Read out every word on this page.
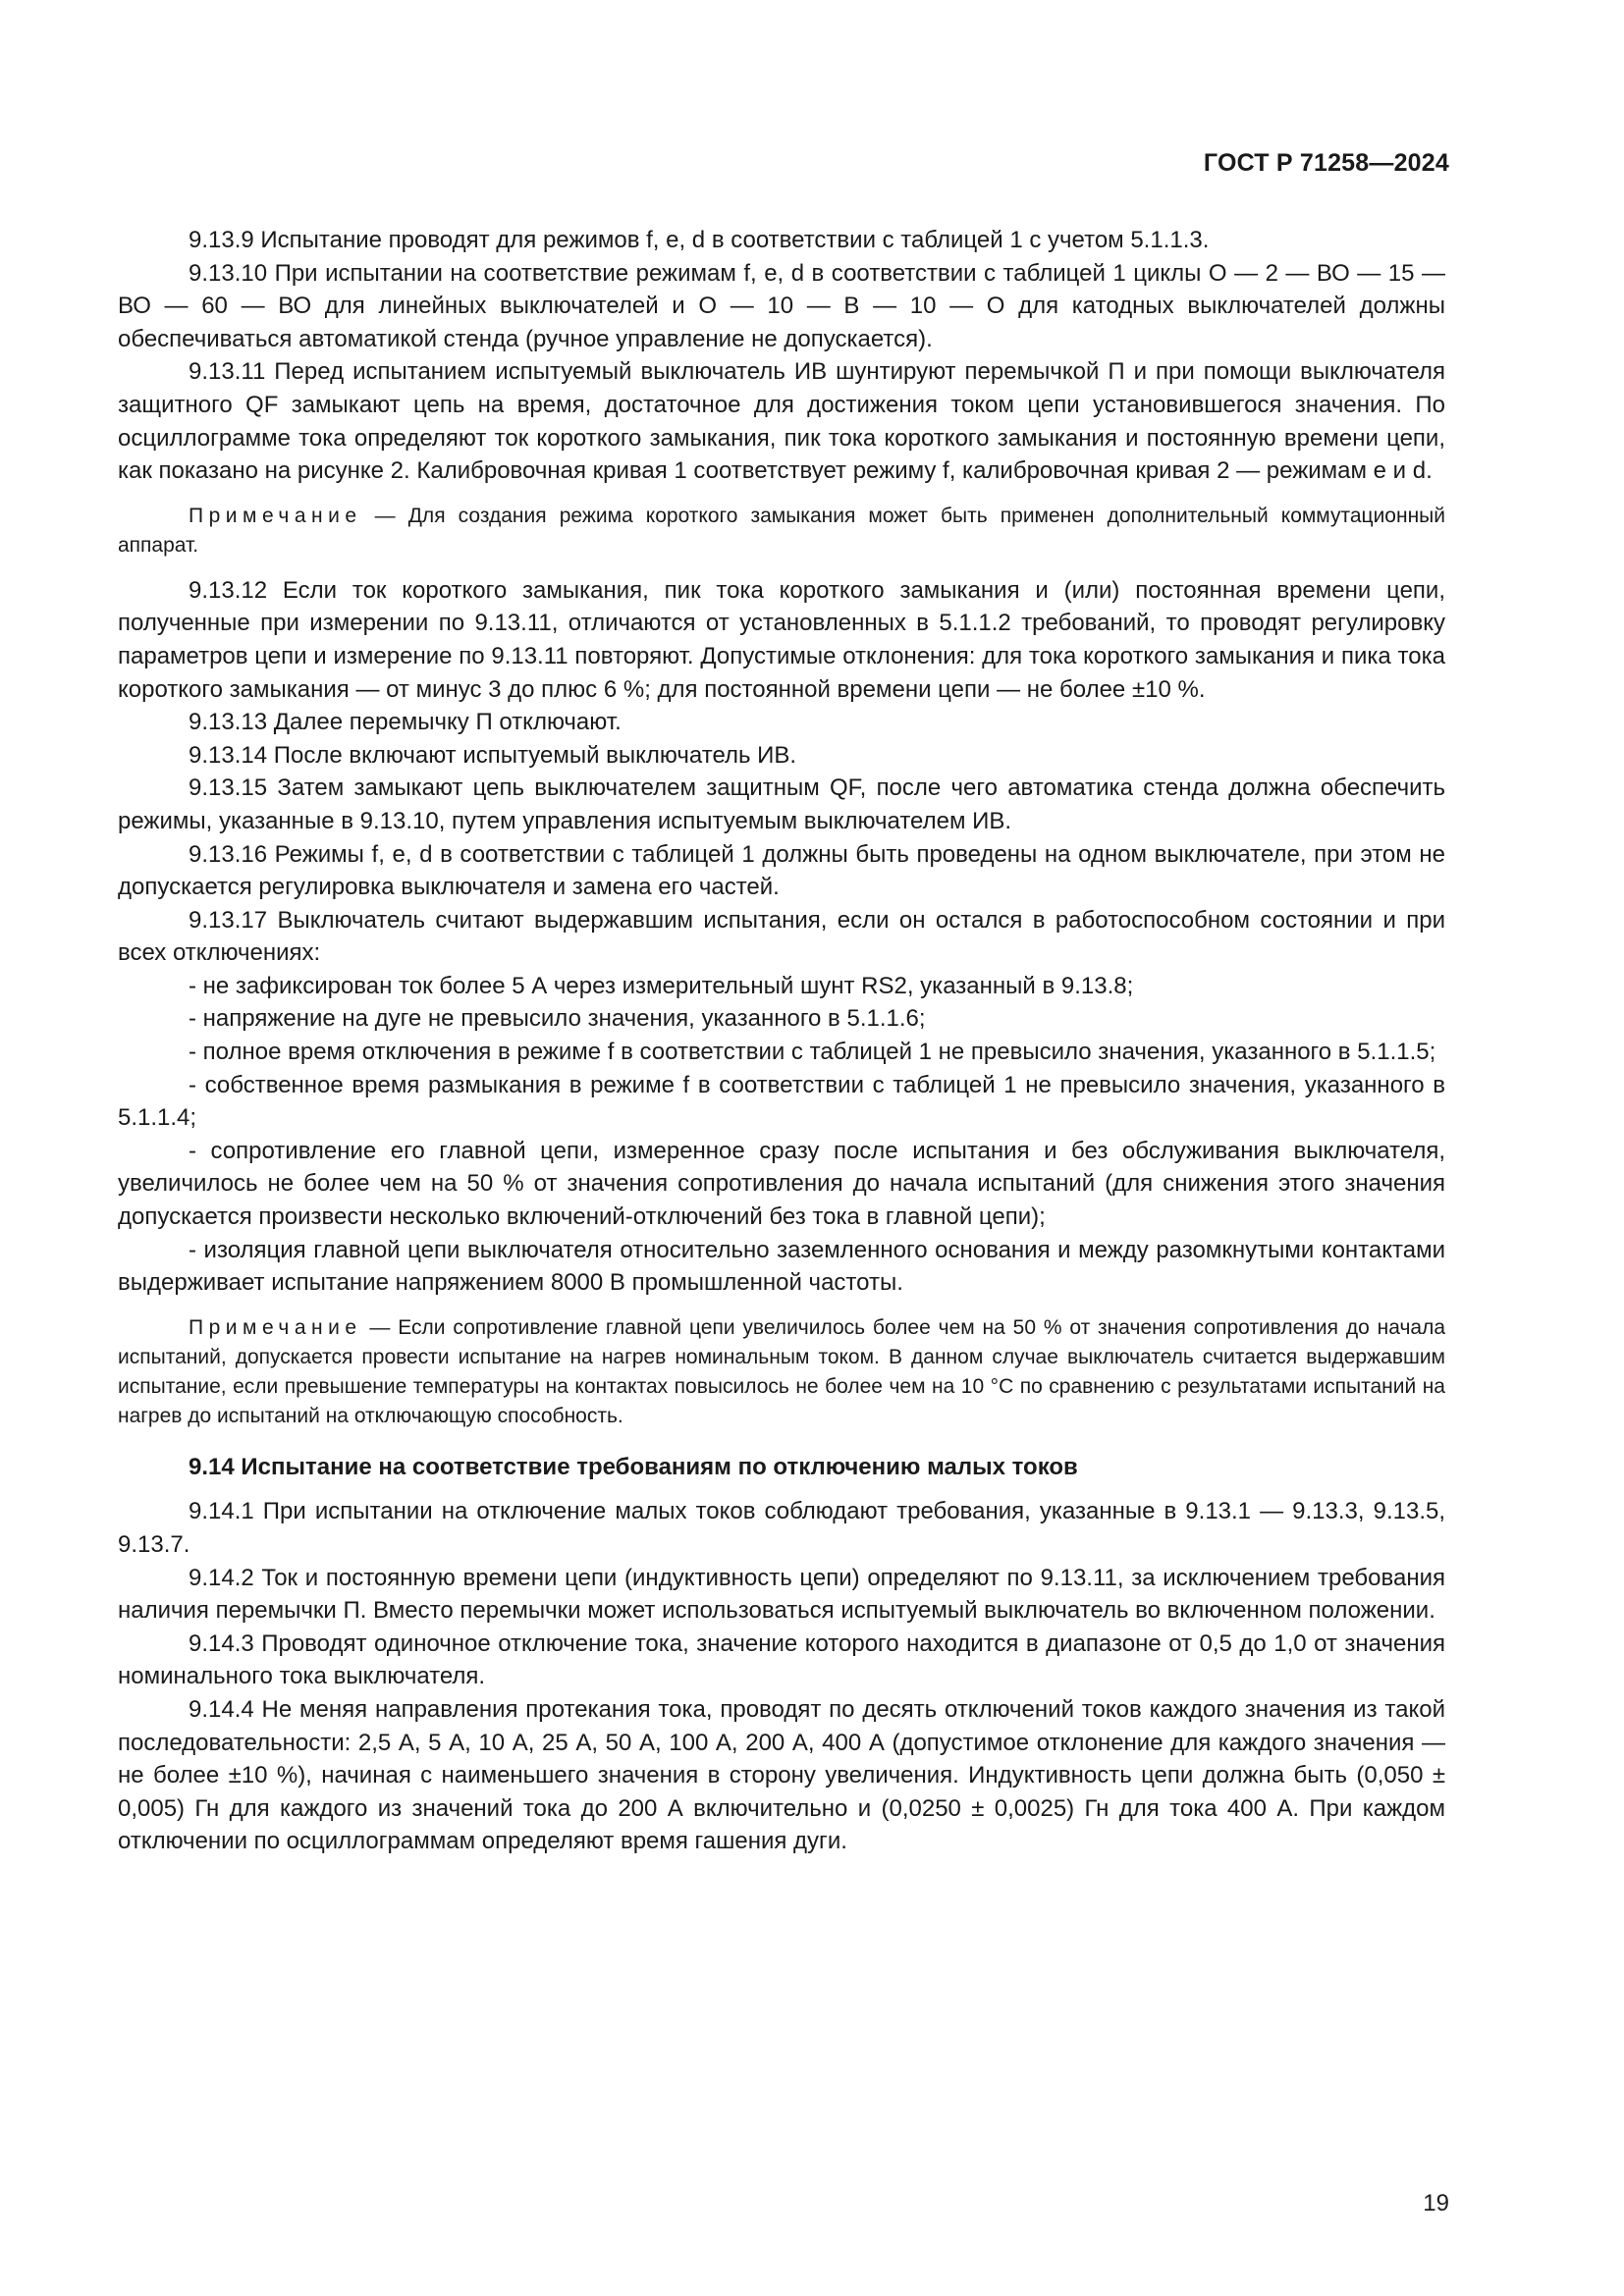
ГОСТ Р 71258—2024

9.13.9 Испытание проводят для режимов f, e, d в соответствии с таблицей 1 с учетом 5.1.1.3.

9.13.10 При испытании на соответствие режимам f, e, d в соответствии с таблицей 1 циклы О — 2 — ВО — 15 — ВО — 60 — ВО для линейных выключателей и О — 10 — В — 10 — О для катодных выключателей должны обеспечиваться автоматикой стенда (ручное управление не допускается).

9.13.11 Перед испытанием испытуемый выключатель ИВ шунтируют перемычкой П и при помощи выключателя защитного QF замыкают цепь на время, достаточное для достижения током цепи установившегося значения. По осциллограмме тока определяют ток короткого замыкания, пик тока короткого замыкания и постоянную времени цепи, как показано на рисунке 2. Калибровочная кривая 1 соответствует режиму f, калибровочная кривая 2 — режимам e и d.

Примечание — Для создания режима короткого замыкания может быть применен дополнительный коммутационный аппарат.

9.13.12 Если ток короткого замыкания, пик тока короткого замыкания и (или) постоянная времени цепи, полученные при измерении по 9.13.11, отличаются от установленных в 5.1.1.2 требований, то проводят регулировку параметров цепи и измерение по 9.13.11 повторяют. Допустимые отклонения: для тока короткого замыкания и пика тока короткого замыкания — от минус 3 до плюс 6 %; для постоянной времени цепи — не более ±10 %.

9.13.13 Далее перемычку П отключают.

9.13.14 После включают испытуемый выключатель ИВ.

9.13.15 Затем замыкают цепь выключателем защитным QF, после чего автоматика стенда должна обеспечить режимы, указанные в 9.13.10, путем управления испытуемым выключателем ИВ.

9.13.16 Режимы f, e, d в соответствии с таблицей 1 должны быть проведены на одном выключателе, при этом не допускается регулировка выключателя и замена его частей.

9.13.17 Выключатель считают выдержавшим испытания, если он остался в работоспособном состоянии и при всех отключениях:

- не зафиксирован ток более 5 А через измерительный шунт RS2, указанный в 9.13.8;

- напряжение на дуге не превысило значения, указанного в 5.1.1.6;

- полное время отключения в режиме f в соответствии с таблицей 1 не превысило значения, указанного в 5.1.1.5;

- собственное время размыкания в режиме f в соответствии с таблицей 1 не превысило значения, указанного в 5.1.1.4;

- сопротивление его главной цепи, измеренное сразу после испытания и без обслуживания выключателя, увеличилось не более чем на 50 % от значения сопротивления до начала испытаний (для снижения этого значения допускается произвести несколько включений-отключений без тока в главной цепи);

- изоляция главной цепи выключателя относительно заземленного основания и между разомкнутыми контактами выдерживает испытание напряжением 8000 В промышленной частоты.

Примечание — Если сопротивление главной цепи увеличилось более чем на 50 % от значения сопротивления до начала испытаний, допускается провести испытание на нагрев номинальным током. В данном случае выключатель считается выдержавшим испытание, если превышение температуры на контактах повысилось не более чем на 10 °С по сравнению с результатами испытаний на нагрев до испытаний на отключающую способность.

9.14 Испытание на соответствие требованиям по отключению малых токов

9.14.1 При испытании на отключение малых токов соблюдают требования, указанные в 9.13.1 — 9.13.3, 9.13.5, 9.13.7.

9.14.2 Ток и постоянную времени цепи (индуктивность цепи) определяют по 9.13.11, за исключением требования наличия перемычки П. Вместо перемычки может использоваться испытуемый выключатель во включенном положении.

9.14.3 Проводят одиночное отключение тока, значение которого находится в диапазоне от 0,5 до 1,0 от значения номинального тока выключателя.

9.14.4 Не меняя направления протекания тока, проводят по десять отключений токов каждого значения из такой последовательности: 2,5 А, 5 А, 10 А, 25 А, 50 А, 100 А, 200 А, 400 А (допустимое отклонение для каждого значения — не более ±10 %), начиная с наименьшего значения в сторону увеличения. Индуктивность цепи должна быть (0,050 ± 0,005) Гн для каждого из значений тока до 200 А включительно и (0,0250 ± 0,0025) Гн для тока 400 А. При каждом отключении по осциллограммам определяют время гашения дуги.

19
